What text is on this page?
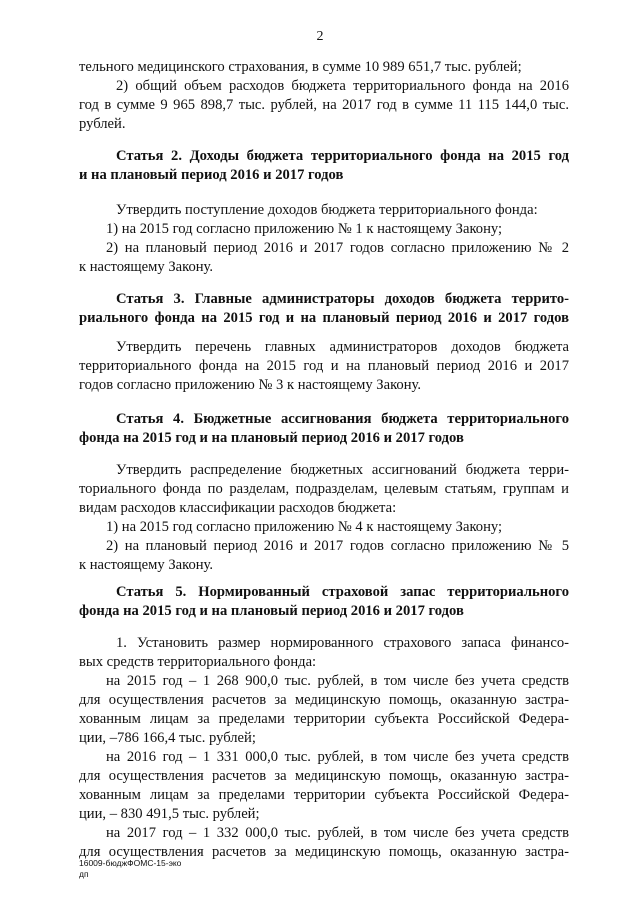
2
тельного медицинского страхования, в сумме 10 989 651,7 тыс. рублей;
2) общий объем расходов бюджета территориального фонда на 2016
год в сумме 9 965 898,7 тыс. рублей, на 2017 год в сумме 11 115 144,0 тыс.
рублей.
Статья 2. Доходы бюджета территориального фонда на 2015 год
и на плановый период 2016 и 2017 годов
Утвердить поступление доходов бюджета территориального фонда:
1) на 2015 год согласно приложению № 1 к настоящему Закону;
2) на плановый период 2016 и 2017 годов согласно приложению № 2
к настоящему Закону.
Статья 3. Главные администраторы доходов бюджета террито-
риального фонда на 2015 год и на плановый период 2016 и 2017 годов
Утвердить перечень главных администраторов доходов бюджета
территориального фонда на 2015 год и на плановый период 2016 и 2017
годов согласно приложению № 3 к настоящему Закону.
Статья 4. Бюджетные ассигнования бюджета территориального
фонда на 2015 год и на плановый период 2016 и 2017 годов
Утвердить распределение бюджетных ассигнований бюджета терри-
ториального фонда по разделам, подразделам, целевым статьям, группам и
видам расходов классификации расходов бюджета:
1) на 2015 год согласно приложению № 4 к настоящему Закону;
2) на плановый период 2016 и 2017 годов согласно приложению № 5
к настоящему Закону.
Статья 5. Нормированный страховой запас территориального
фонда на 2015 год и на плановый период 2016 и 2017 годов
1. Установить размер нормированного страхового запаса финансо-
вых средств территориального фонда:
на 2015 год – 1 268 900,0 тыс. рублей, в том числе без учета средств
для осуществления расчетов за медицинскую помощь, оказанную застра-
хованным лицам за пределами территории субъекта Российской Федера-
ции, –786 166,4 тыс. рублей;
на 2016 год – 1 331 000,0 тыс. рублей, в том числе без учета средств
для осуществления расчетов за медицинскую помощь, оказанную застра-
хованным лицам за пределами территории субъекта Российской Федера-
ции, – 830 491,5 тыс. рублей;
на 2017 год – 1 332 000,0 тыс. рублей, в том числе без учета средств
для осуществления расчетов за медицинскую помощь, оказанную застра-
16009-бюджФОМС-15-экo
дп
